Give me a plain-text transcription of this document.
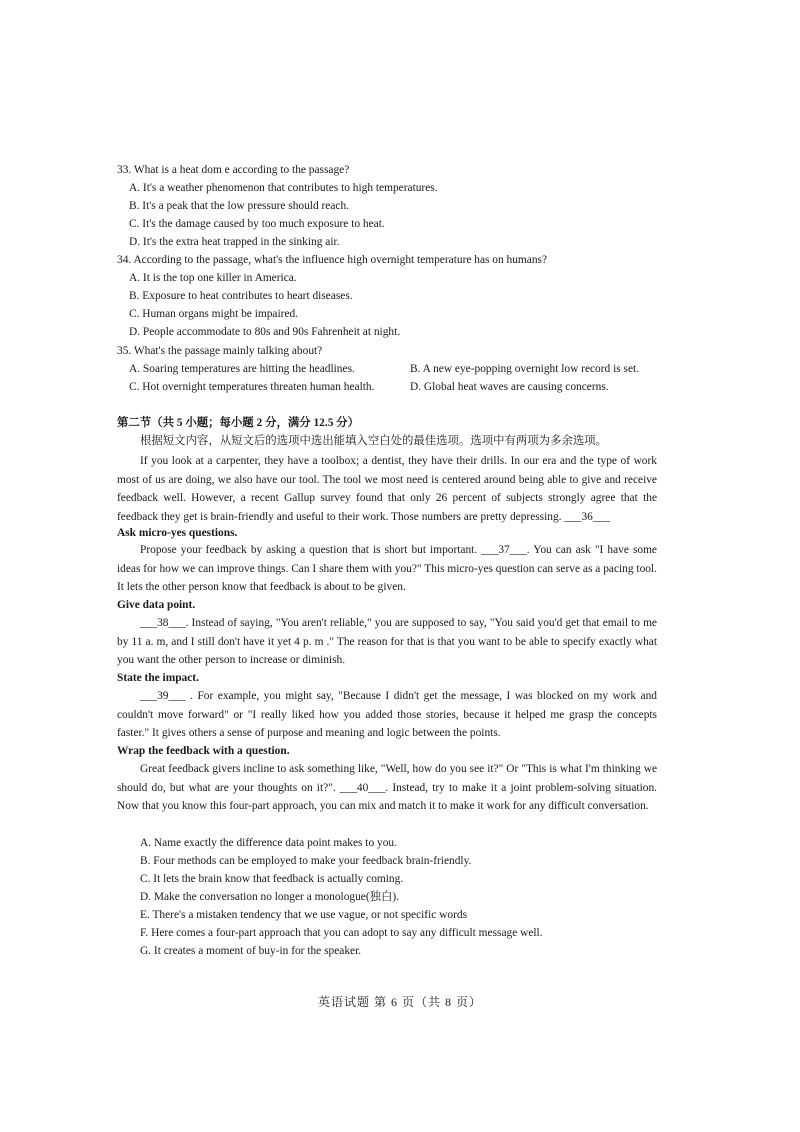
33. What is a heat dom e according to the passage?
A. It's a weather phenomenon that contributes to high temperatures.
B. It's a peak that the low pressure should reach.
C. It's the damage caused by too much exposure to heat.
D. It's the extra heat trapped in the sinking air.
34. According to the passage, what's the influence high overnight temperature has on humans?
A. It is the top one killer in America.
B. Exposure to heat contributes to heart diseases.
C. Human organs might be impaired.
D. People accommodate to 80s and 90s Fahrenheit at night.
35. What's the passage mainly talking about?
A. Soaring temperatures are hitting the headlines.	B. A new eye-popping overnight low record is set.
C. Hot overnight temperatures threaten human health.	D. Global heat waves are causing concerns.
第二节（共 5 小题；每小题 2 分，满分 12.5 分）
根据短文内容，从短文后的选项中选出能填入空白处的最佳选项。选项中有两项为多余选项。
If you look at a carpenter, they have a toolbox; a dentist, they have their drills. In our era and the type of work most of us are doing, we also have our tool. The tool we most need is centered around being able to give and receive feedback well. However, a recent Gallup survey found that only 26 percent of subjects strongly agree that the feedback they get is brain-friendly and useful to their work. Those numbers are pretty depressing. ___36___
Ask micro-yes questions.
Propose your feedback by asking a question that is short but important. ___37___. You can ask "I have some ideas for how we can improve things. Can I share them with you?" This micro-yes question can serve as a pacing tool. It lets the other person know that feedback is about to be given.
Give data point.
___38___. Instead of saying, "You aren't reliable," you are supposed to say, "You said you'd get that email to me by 11 a. m, and I still don't have it yet 4 p. m ." The reason for that is that you want to be able to specify exactly what you want the other person to increase or diminish.
State the impact.
___39___ . For example, you might say, "Because I didn't get the message, I was blocked on my work and couldn't move forward" or "I really liked how you added those stories, because it helped me grasp the concepts faster." It gives others a sense of purpose and meaning and logic between the points.
Wrap the feedback with a question.
Great feedback givers incline to ask something like, "Well, how do you see it?" Or "This is what I'm thinking we should do, but what are your thoughts on it?". ___40___. Instead, try to make it a joint problem-solving situation. Now that you know this four-part approach, you can mix and match it to make it work for any difficult conversation.
A. Name exactly the difference data point makes to you.
B. Four methods can be employed to make your feedback brain-friendly.
C. It lets the brain know that feedback is actually coming.
D. Make the conversation no longer a monologue(独白).
E. There's a mistaken tendency that we use vague, or not specific words
F. Here comes a four-part approach that you can adopt to say any difficult message well.
G. It creates a moment of buy-in for the speaker.
英语试题 第 6 页（共 8 页）
